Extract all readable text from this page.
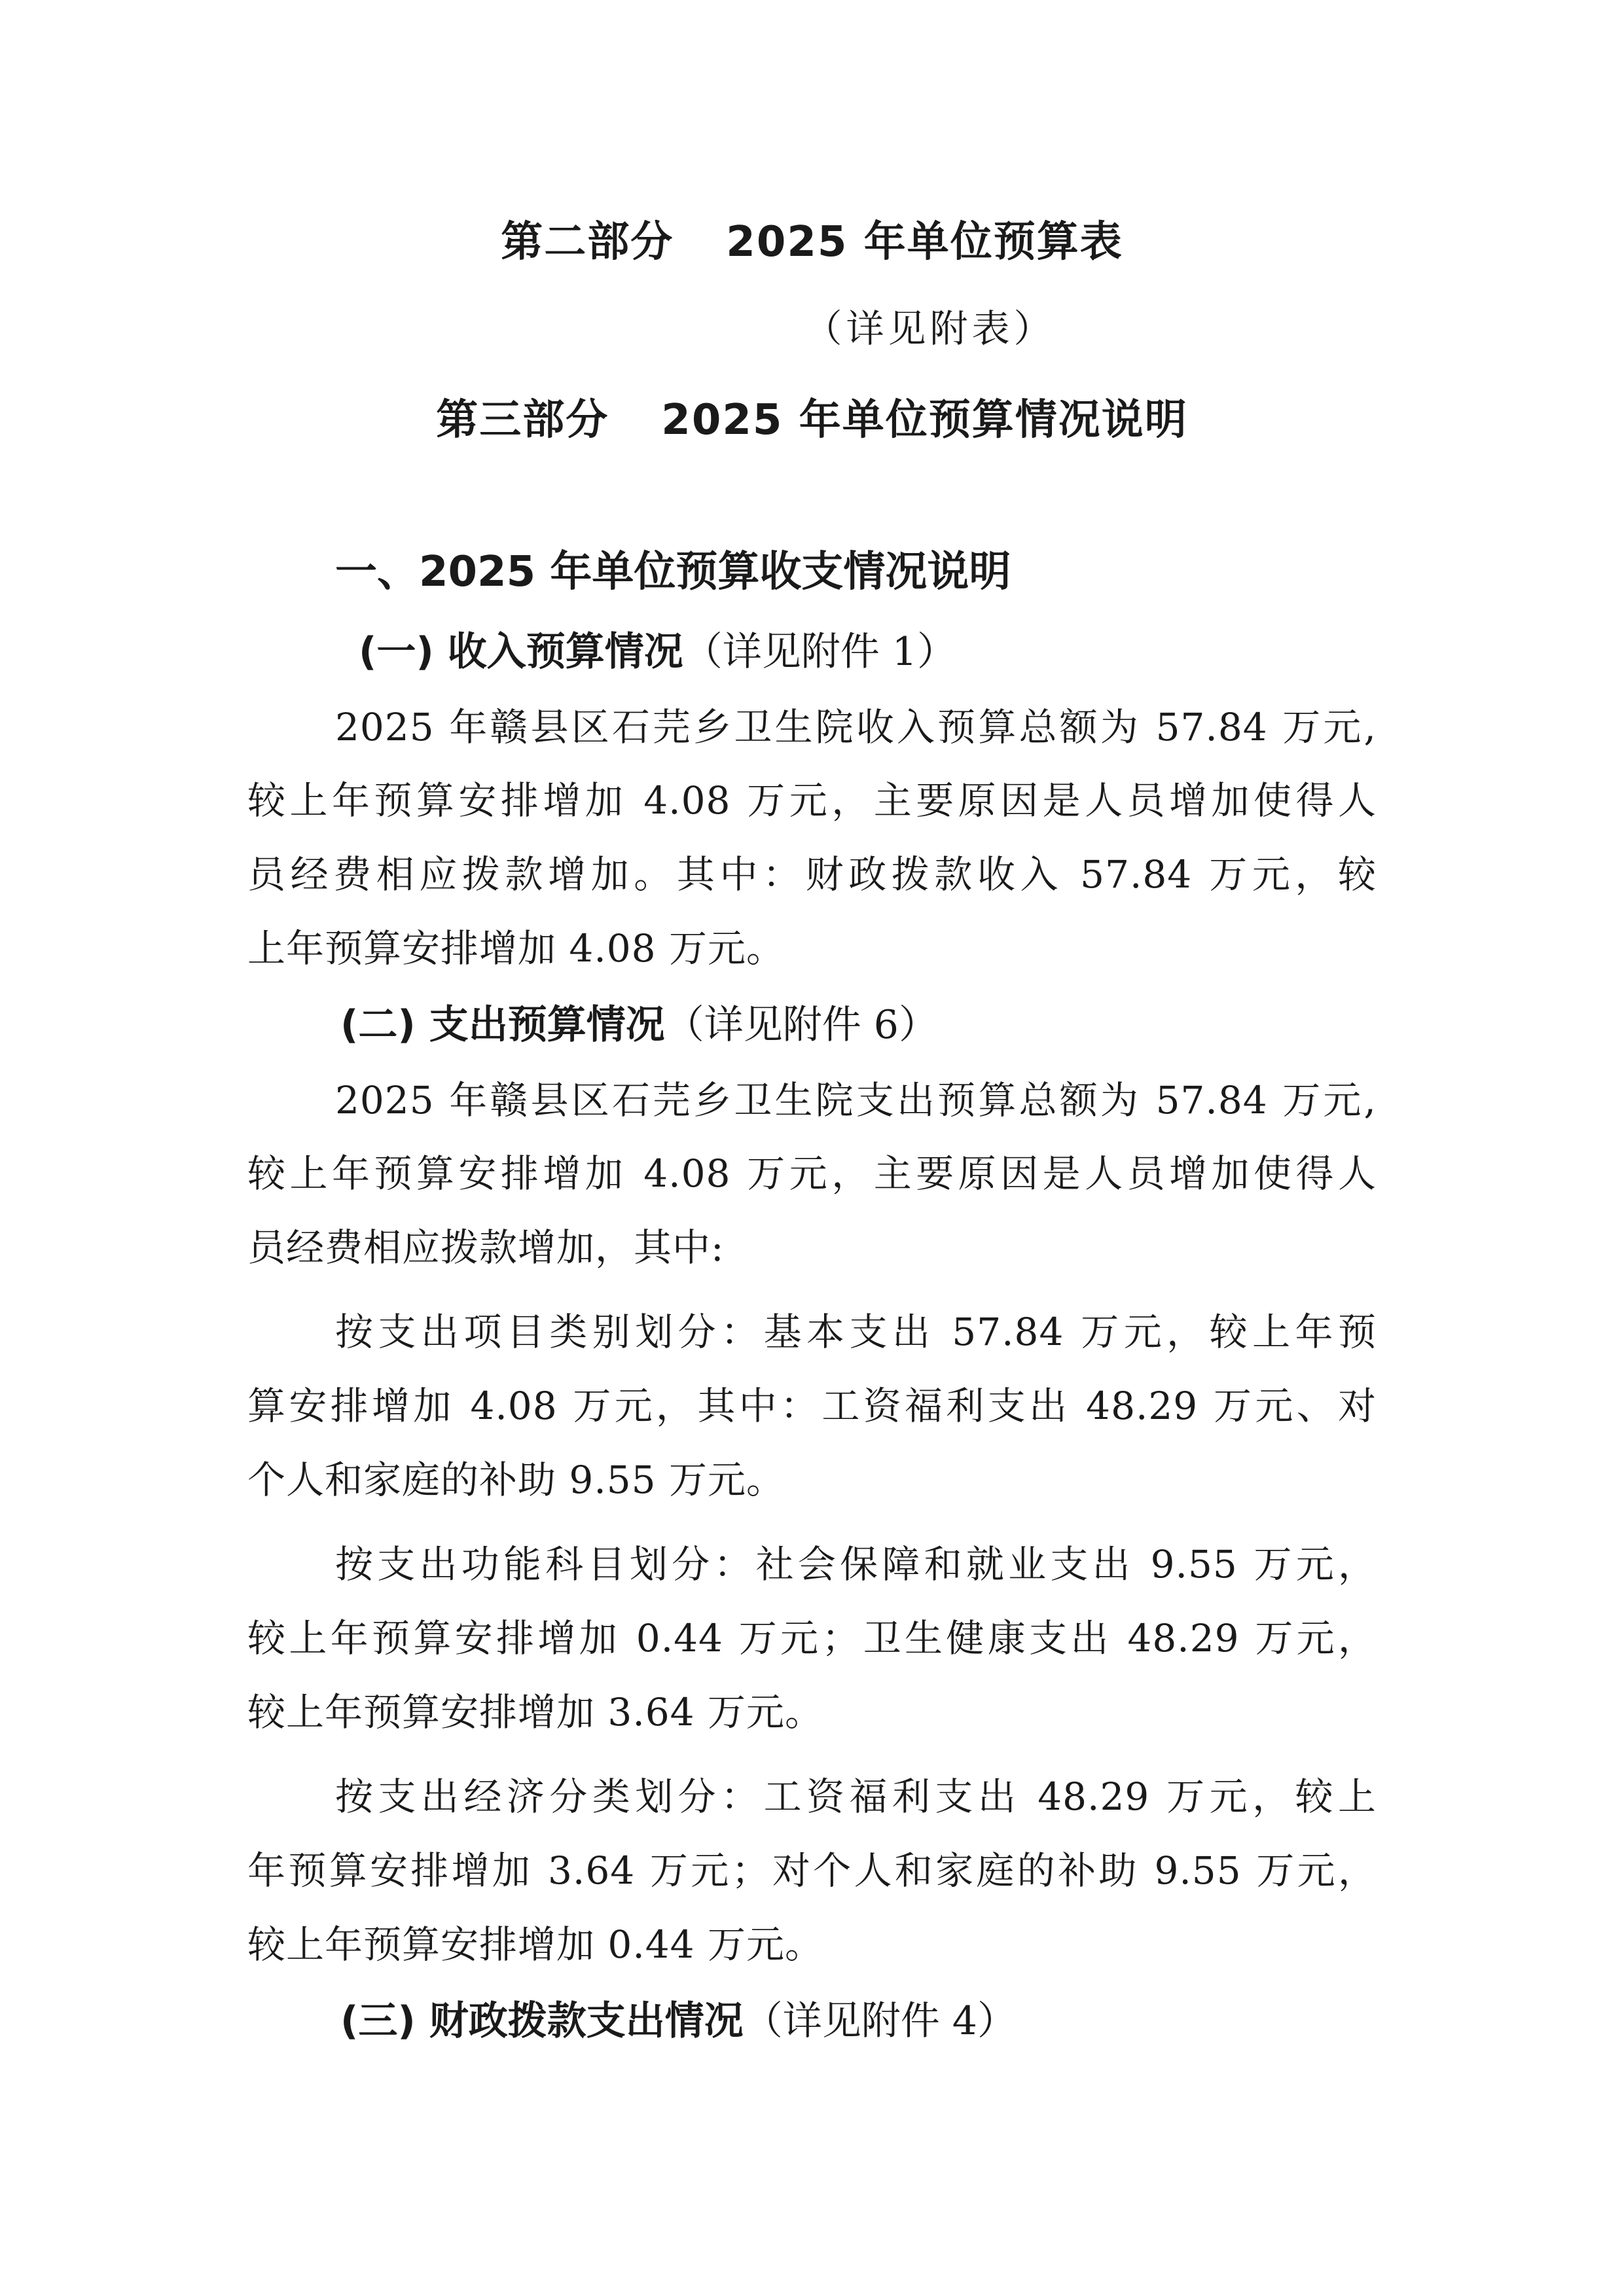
第二部分 2025 年单位预算表
（详见附表）
第三部分 2025 年单位预算情况说明
一、2025 年单位预算收支情况说明
(一) 收入预算情况（详见附件 1）
2025 年赣县区石芫乡卫生院收入预算总额为 57.84 万元,
较上年预算安排增加 4.08 万元，主要原因是人员增加使得人
员经费相应拨款增加。其中：财政拨款收入 57.84 万元，较
上年预算安排增加 4.08 万元。
(二) 支出预算情况（详见附件 6）
2025 年赣县区石芫乡卫生院支出预算总额为 57.84 万元,
较上年预算安排增加 4.08 万元，主要原因是人员增加使得人
员经费相应拨款增加，其中:
按支出项目类别划分：基本支出 57.84 万元，较上年预
算安排增加 4.08 万元，其中：工资福利支出 48.29 万元、对
个人和家庭的补助 9.55 万元。
按支出功能科目划分：社会保障和就业支出 9.55 万元，
较上年预算安排增加 0.44 万元；卫生健康支出 48.29 万元，
较上年预算安排增加 3.64 万元。
按支出经济分类划分：工资福利支出 48.29 万元，较上
年预算安排增加 3.64 万元；对个人和家庭的补助 9.55 万元，
较上年预算安排增加 0.44 万元。
(三) 财政拨款支出情况（详见附件 4）
